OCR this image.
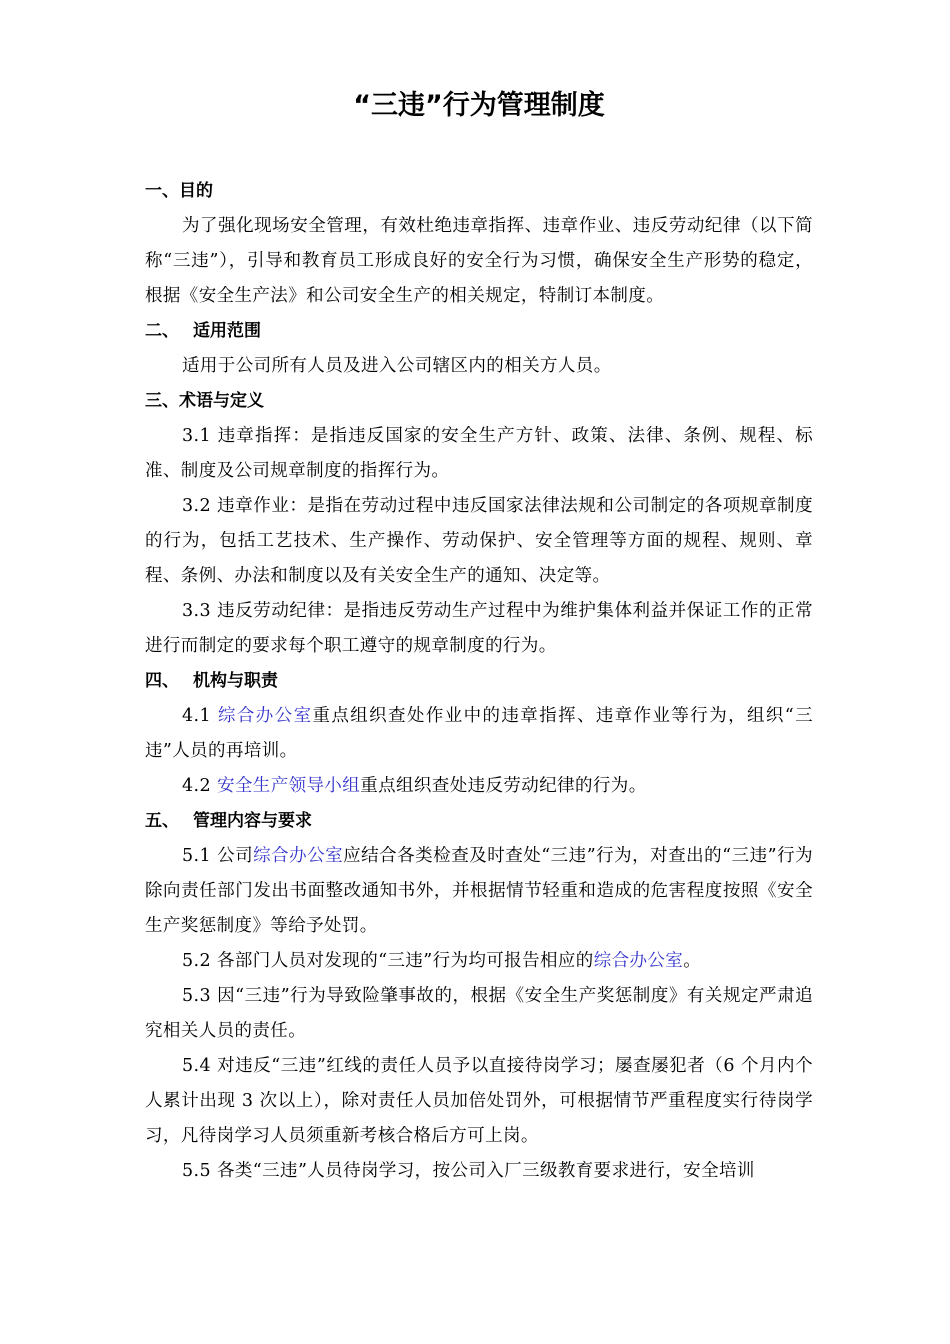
“三违”行为管理制度
一、目的

为了强化现场安全管理，有效杜绝违章指挥、违章作业、违反劳动纪律（以下简称“三违”），引导和教育员工形成良好的安全行为习惯，确保安全生产形势的稳定，根据《安全生产法》和公司安全生产的相关规定，特制订本制度。

二、 适用范围

适用于公司所有人员及进入公司辖区内的相关方人员。

三、术语与定义

3.1 违章指挥：是指违反国家的安全生产方针、政策、法律、条例、规程、标准、制度及公司规章制度的指挥行为。

3.2 违章作业：是指在劳动过程中违反国家法律法规和公司制定的各项规章制度的行为，包括工艺技术、生产操作、劳动保护、安全管理等方面的规程、规则、章程、条例、办法和制度以及有关安全生产的通知、决定等。

3.3 违反劳动纪律：是指违反劳动生产过程中为维护集体利益并保证工作的正常进行而制定的要求每个职工遵守的规章制度的行为。

四、 机构与职责

4.1 综合办公室重点组织查处作业中的违章指挥、违章作业等行为，组织“三违”人员的再培训。

4.2 安全生产领导小组重点组织查处违反劳动纪律的行为。

五、 管理内容与要求

5.1 公司综合办公室应结合各类检查及时查处“三违”行为，对查出的“三违”行为除向责任部门发出书面整改通知书外，并根据情节轻重和造成的危害程度按照《安全生产奖惩制度》等给予处罚。

5.2 各部门人员对发现的“三违”行为均可报告相应的综合办公室。

5.3 因“三违”行为导致险肇事故的，根据《安全生产奖惩制度》有关规定严肃追究相关人员的责任。

5.4 对违反“三违”红线的责任人员予以直接待岗学习；屡查屡犯者（6 个月内个人累计出现 3 次以上），除对责任人员加倍处罚外，可根据情节严重程度实行待岗学习，凡待岗学习人员须重新考核合格后方可上岗。

5.5 各类“三违”人员待岗学习，按公司入厂三级教育要求进行，安全培训
